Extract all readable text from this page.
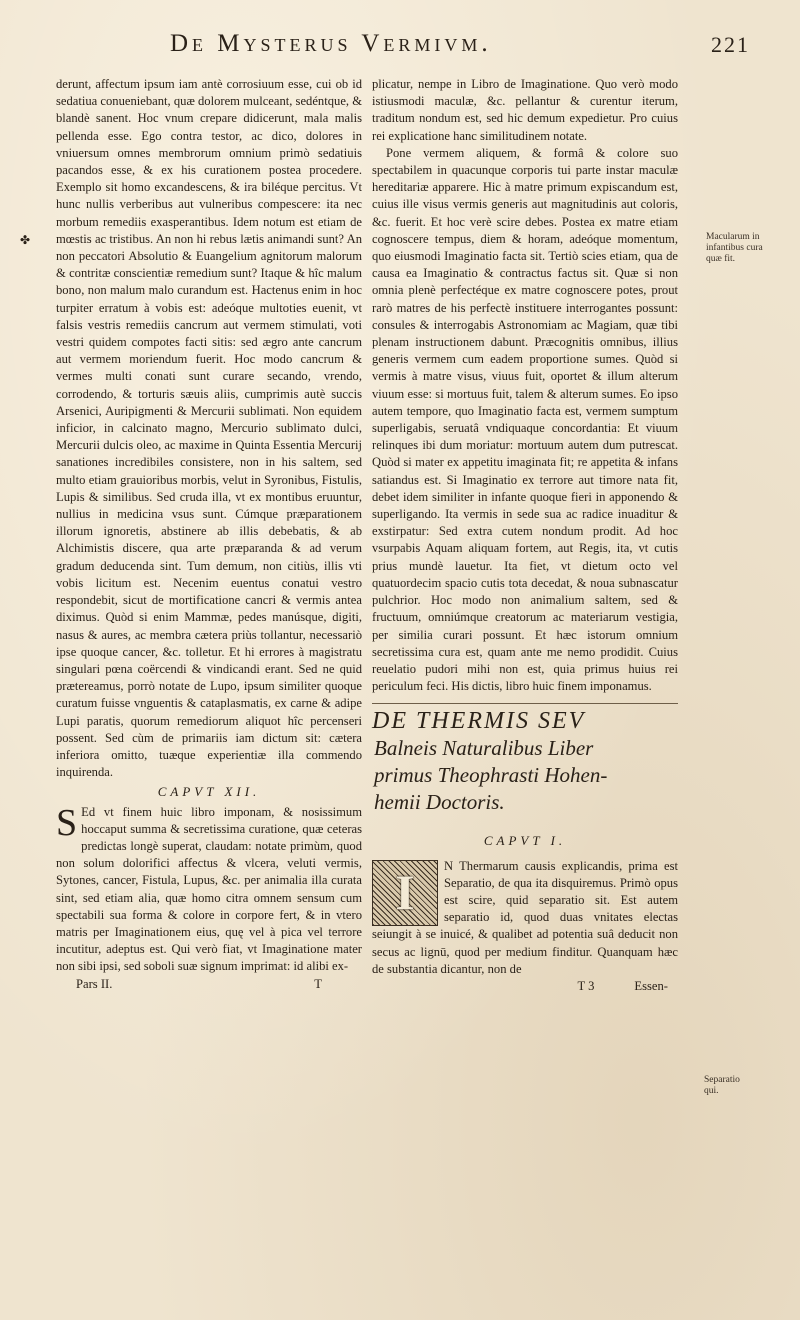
De Mysterus Vermivm.	221
✤

derunt, affectum ipsum iam antè corrosiuum esse, cui ob id sedatiua conueniebant, quæ dolorem mulceant, sedéntque, & blandè sanent. Hoc vnum crepare didicerunt, mala malis pellenda esse. Ego contra testor, ac dico, dolores in vniuersum omnes membrorum omnium primò sedatiuis pacandos esse, & ex his curationem postea procedere. Exemplo sit homo excandescens, & ira biléque percitus. Vt hunc nullis verberibus aut vulneribus compescere: ita nec morbum remediis exasperantibus. Idem notum est etiam de mœstis ac tristibus. An non hi rebus lætis animandi sunt? An non peccatori Absolutio & Euangelium agnitorum malorum & contritæ conscientiæ remedium sunt? Itaque & hîc malum bono, non malum malo curandum est. Hactenus enim in hoc turpiter erratum à vobis est: adeóque multoties euenit, vt falsis vestris remediis cancrum aut vermem stimulati, voti vestri quidem compotes facti sitis: sed ægro ante cancrum aut vermem moriendum fuerit. Hoc modo cancrum & vermes multi conati sunt curare secando, vrendo, corrodendo, & torturis sæuis aliis, cumprimis autè succis Arsenici, Auripigmenti & Mercurii sublimati. Non equidem inficior, in calcinato magno, Mercurio sublimato dulci, Mercurii dulcis oleo, ac maxime in Quinta Essentia Mercurij sanationes incredibiles consistere, non in his saltem, sed multo etiam grauioribus morbis, velut in Syronibus, Fistulis, Lupis & similibus. Sed cruda illa, vt ex montibus eruuntur, nullius in medicina vsus sunt. Cúmque præparationem illorum ignoretis, abstinere ab illis debebatis, & ab Alchimistis discere, qua arte præparanda & ad verum gradum deducenda sint. Tum demum, non citiùs, illis vti vobis licitum est. Necenim euentus conatui vestro respondebit, sicut de mortificatione cancri & vermis antea diximus. Quòd si enim Mammæ, pedes manúsque, digiti, nasus & aures, ac membra cætera priùs tollantur, necessariò ipse quoque cancer, &c. tolletur. Et hi errores à magistratu singulari pœna coërcendi & vindicandi erant. Sed ne quid prætereamus, porrò notate de Lupo, ipsum similiter quoque curatum fuisse vnguentis & cataplasmatis, ex carne & adipe Lupi paratis, quorum remediorum aliquot hîc percenseri possent. Sed cùm de primariis iam dictum sit: cætera inferiora omitto, tuæque experientiæ illa commendo inquirenda.

CAPVT XII.

S Ed vt finem huic libro imponam, & nosissimum hoccaput summa & secretissima curatione, quæ ceteras predictas longè superat, claudam: notate primùm, quod non solum dolorifici affectus & vlcera, veluti vermis, Sytones, cancer, Fistula, Lupus, &c. per animalia illa curata sint, sed etiam alia, quæ homo citra omnem sensum cum spectabili sua forma & colore in corpore fert, & in vtero matris per Imaginationem eius, quę vel à pica vel terrore incutitur, adeptus est. Qui verò fiat, vt Imaginatione mater non sibi ipsi, sed soboli suæ signum imprimat: id alibi ex-

Pars II.	T

plicatur, nempe in Libro de Imaginatione. Quo verò modo istiusmodi maculæ, &c. pellantur & curentur iterum, traditum nondum est, sed hic demum expedietur. Pro cuius rei explicatione hanc similitudinem notate.

Pone vermem aliquem, & formâ & colore suo spectabilem in quacunque corporis tui parte instar maculæ hereditariæ apparere. Hic à matre primum expiscandum est, cuius ille visus vermis generis aut magnitudinis aut coloris, &c. fuerit. Et hoc verè scire debes. Postea ex matre etiam cognoscere tempus, diem & horam, adeóque momentum, quo eiusmodi Imaginatio facta sit. Tertiò scies etiam, qua de causa ea Imaginatio & contractus factus sit. Quæ si non omnia plenè perfectéque ex matre cognoscere potes, prout rarò matres de his perfectè instituere interrogantes possunt: consules & interrogabis Astronomiam ac Magiam, quæ tibi plenam instructionem dabunt. Præcognitis omnibus, illius generis vermem cum eadem proportione sumes. Quòd si vermis à matre visus, viuus fuit, oportet & illum alterum viuum esse: si mortuus fuit, talem & alterum sumes. Eo ipso autem tempore, quo Imaginatio facta est, vermem sumptum superligabis, seruatâ vndiquaque concordantia: Et viuum relinques ibi dum moriatur: mortuum autem dum putrescat. Quòd si mater ex appetitu imaginata fit; re appetita & infans satiandus est. Si Imaginatio ex terrore aut timore nata fit, debet idem similiter in infante quoque fieri in apponendo & superligando. Ita vermis in sede sua ac radice inuaditur & exstirpatur: Sed extra cutem nondum prodit. Ad hoc vsurpabis Aquam aliquam fortem, aut Regis, ita, vt cutis prius mundè lauetur. Ita fiet, vt dietum octo vel quatuordecim spacio cutis tota decedat, & noua subnascatur pulchrior. Hoc modo non animalium saltem, sed & fructuum, omniúmque creatorum ac materiarum vestigia, per similia curari possunt. Et hæc istorum omnium secretissima cura est, quam ante me nemo prodidit. Cuius reuelatio pudori mihi non est, quia primus huius rei periculum feci. His dictis, libro huic finem imponamus.

DE THERMIS SEV
Balneis Naturalibus Liber
primus Theophrasti Hohen-
hemii Doctoris.
CAPVT I.

I	N Thermarum causis explicandis, prima est Separatio, de qua ita disquiremus. Primò opus est scire, quid separatio sit. Est autem separatio id, quod duas vnitates electas seiungit à se inuicé, & qualibet ad potentia suâ deducit non secus ac lignū, quod per medium finditur. Quanquam hæc de substantia dicantur, non de

T 3	Essen-
Macularum in infantibus cura quæ fit.
Separatio qui.
